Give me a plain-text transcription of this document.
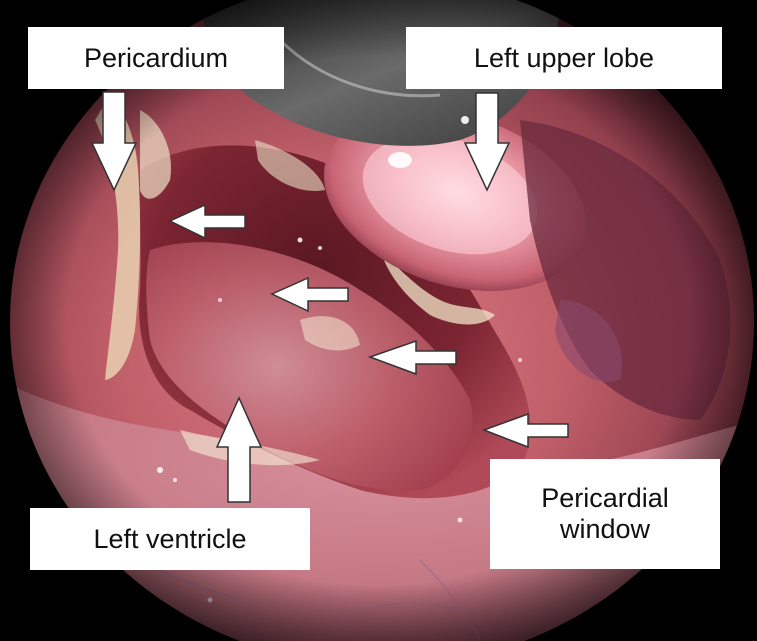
Pericardium	Left upper lobe
Left ventricle
Pericardial
window
